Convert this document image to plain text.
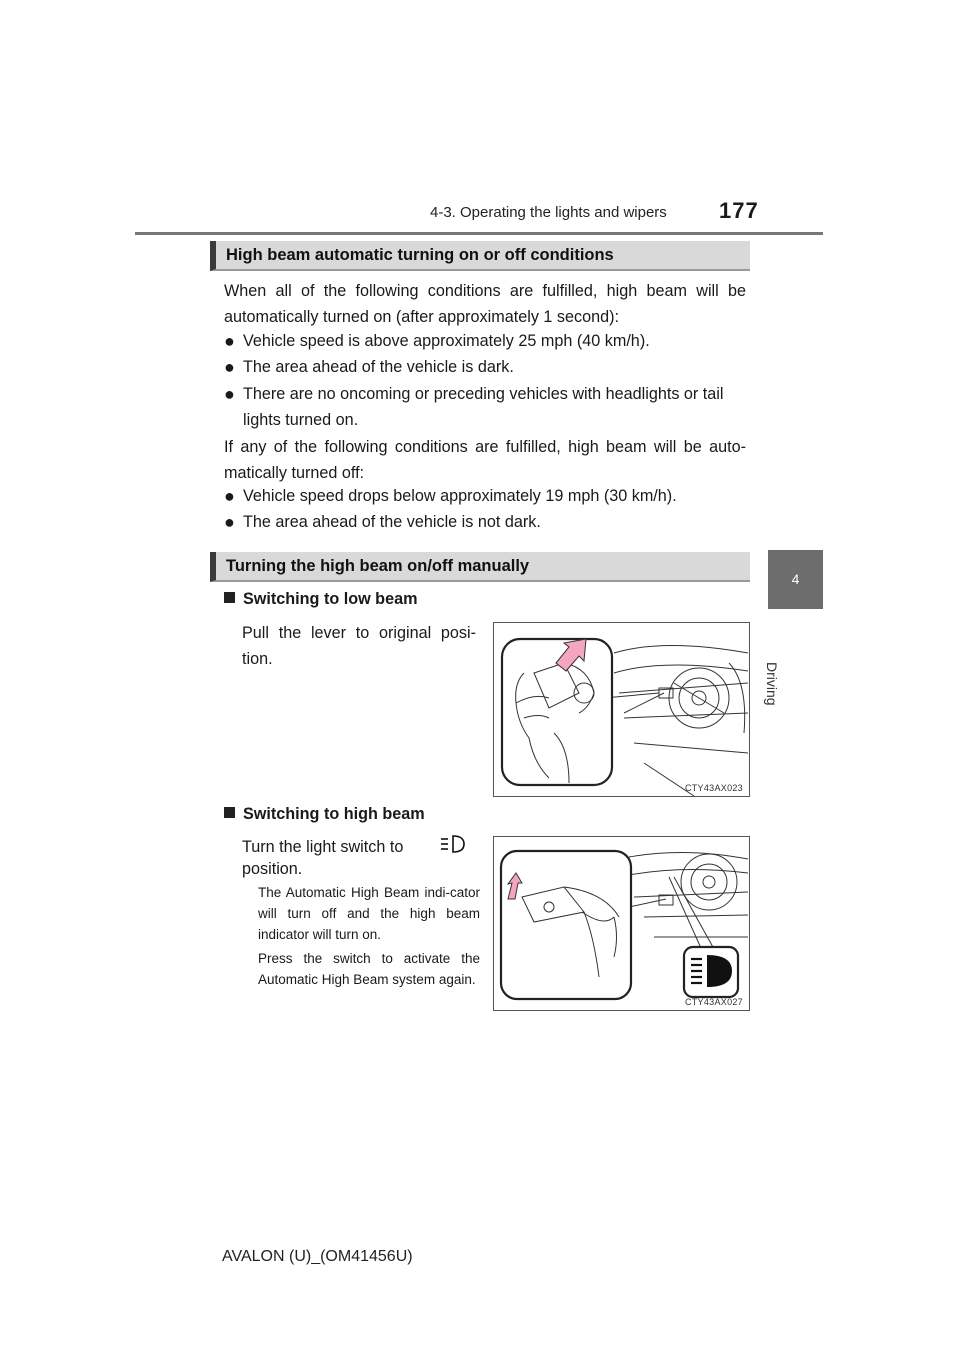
4-3. Operating the lights and wipers 177
4
Driving
High beam automatic turning on or off conditions
When all of the following conditions are fulfilled, high beam will be automatically turned on (after approximately 1 second):
● Vehicle speed is above approximately 25 mph (40 km/h).
● The area ahead of the vehicle is dark.
● There are no oncoming or preceding vehicles with headlights or tail lights turned on.
If any of the following conditions are fulfilled, high beam will be auto-matically turned off:
● Vehicle speed drops below approximately 19 mph (30 km/h).
● The area ahead of the vehicle is not dark.
Turning the high beam on/off manually
Switching to low beam
Pull the lever to original posi-
tion.
CTY43AX023
Switching to high beam
Turn the light switch to
position.
The Automatic High Beam indi-cator will turn off and the high beam indicator will turn on.
Press the switch to activate the Automatic High Beam system again.
CTY43AX027
AVALON (U)_(OM41456U)
